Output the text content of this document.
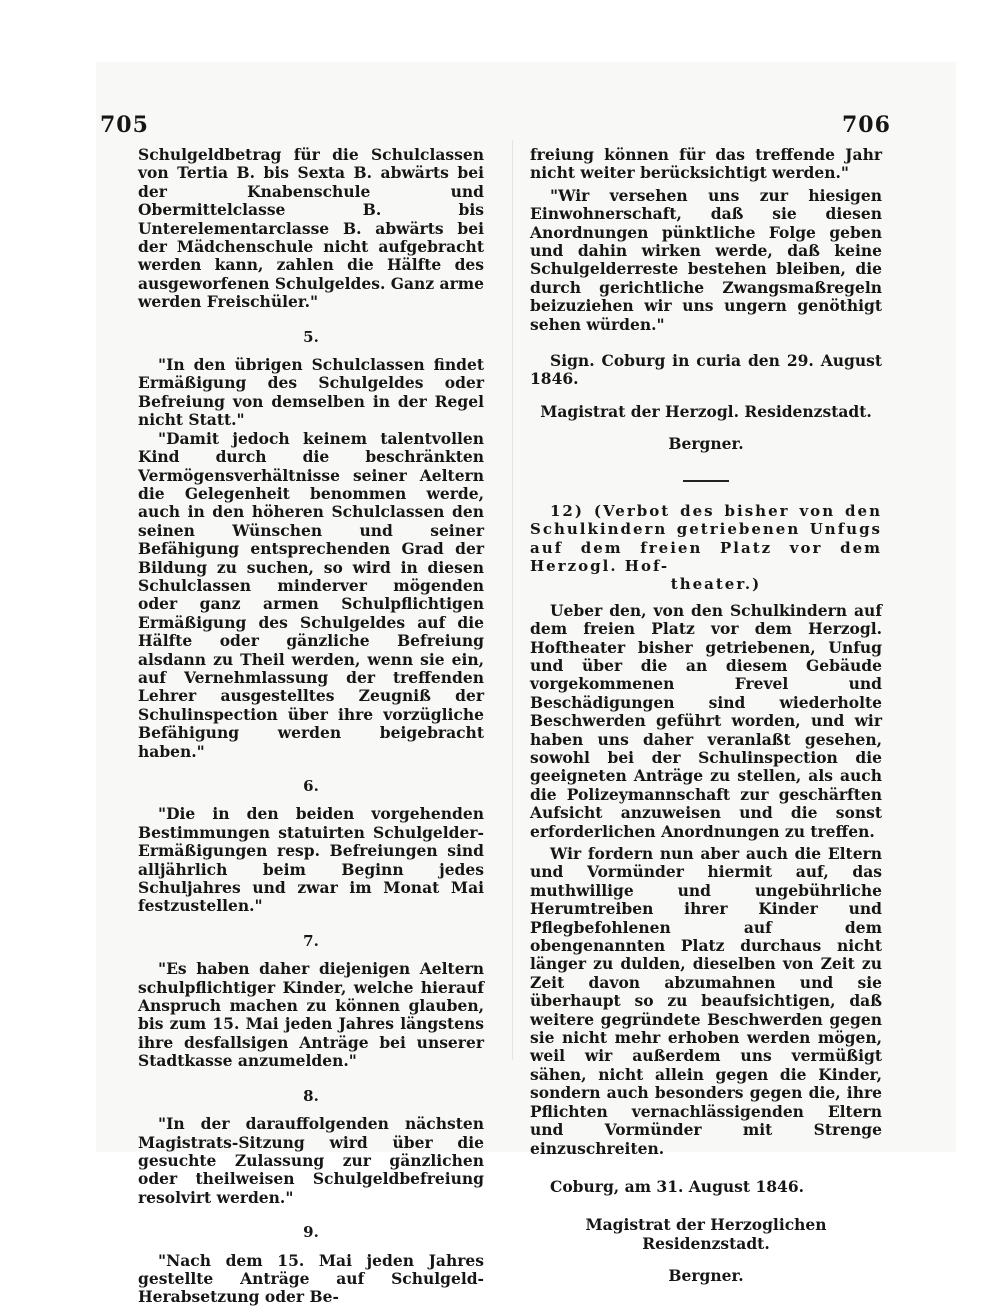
705	706

Schulgeldbetrag für die Schulclassen von Tertia B. bis Sexta B. abwärts bei der Knabenschule und Obermittelclasse B. bis Unterelementarclasse B. abwärts bei der Mädchenschule nicht aufgebracht werden kann, zahlen die Hälfte des ausgeworfenen Schulgeldes. Ganz arme werden Freischüler."

5.

"In den übrigen Schulclassen findet Ermäßigung des Schulgeldes oder Befreiung von demselben in der Regel nicht Statt."

"Damit jedoch keinem talentvollen Kind durch die beschränkten Vermögensverhältnisse seiner Aeltern die Gelegenheit benommen werde, auch in den höheren Schulclassen den seinen Wünschen und seiner Befähigung entsprechenden Grad der Bildung zu suchen, so wird in diesen Schulclassen minderver mögenden oder ganz armen Schulpflichtigen Ermäßigung des Schulgeldes auf die Hälfte oder gänzliche Befreiung alsdann zu Theil werden, wenn sie ein, auf Vernehmlassung der treffenden Lehrer ausgestelltes Zeugniß der Schulinspection über ihre vorzügliche Befähigung werden beigebracht haben."

6.

"Die in den beiden vorgehenden Bestimmungen statuirten Schulgelder-Ermäßigungen resp. Befreiungen sind alljährlich beim Beginn jedes Schuljahres und zwar im Monat Mai festzustellen."

7.

"Es haben daher diejenigen Aeltern schulpflichtiger Kinder, welche hierauf Anspruch machen zu können glauben, bis zum 15. Mai jeden Jahres längstens ihre desfallsigen Anträge bei unserer Stadtkasse anzumelden."

8.

"In der darauffolgenden nächsten Magistrats-Sitzung wird über die gesuchte Zulassung zur gänzlichen oder theilweisen Schulgeldbefreiung resolvirt werden."

9.

"Nach dem 15. Mai jeden Jahres gestellte Anträge auf Schulgeld-Herabsetzung oder Be-

freiung können für das treffende Jahr nicht weiter berücksichtigt werden."

"Wir versehen uns zur hiesigen Einwohnerschaft, daß sie diesen Anordnungen pünktliche Folge geben und dahin wirken werde, daß keine Schulgelderreste bestehen bleiben, die durch gerichtliche Zwangsmaßregeln beizuziehen wir uns ungern genöthigt sehen würden."

Sign. Coburg in curia den 29. August 1846.

Magistrat der Herzogl. Residenzstadt.
Bergner.

12) (Verbot des bisher von den Schulkindern getriebenen Unfugs auf dem freien Platz vor dem Herzogl. Hof-
theater.)

Ueber den, von den Schulkindern auf dem freien Platz vor dem Herzogl. Hoftheater bisher getriebenen, Unfug und über die an diesem Gebäude vorgekommenen Frevel und Beschädigungen sind wiederholte Beschwerden geführt worden, und wir haben uns daher veranlaßt gesehen, sowohl bei der Schulinspection die geeigneten Anträge zu stellen, als auch die Polizeymannschaft zur geschärften Aufsicht anzuweisen und die sonst erforderlichen Anordnungen zu treffen.

Wir fordern nun aber auch die Eltern und Vormünder hiermit auf, das muthwillige und ungebührliche Herumtreiben ihrer Kinder und Pflegbefohlenen auf dem obengenannten Platz durchaus nicht länger zu dulden, dieselben von Zeit zu Zeit davon abzumahnen und sie überhaupt so zu beaufsichtigen, daß weitere gegründete Beschwerden gegen sie nicht mehr erhoben werden mögen, weil wir außerdem uns vermüßigt sähen, nicht allein gegen die Kinder, sondern auch besonders gegen die, ihre Pflichten vernachlässigenden Eltern und Vormünder mit Strenge einzuschreiten.

Coburg, am 31. August 1846.

Magistrat der Herzoglichen Residenzstadt.
Bergner.
